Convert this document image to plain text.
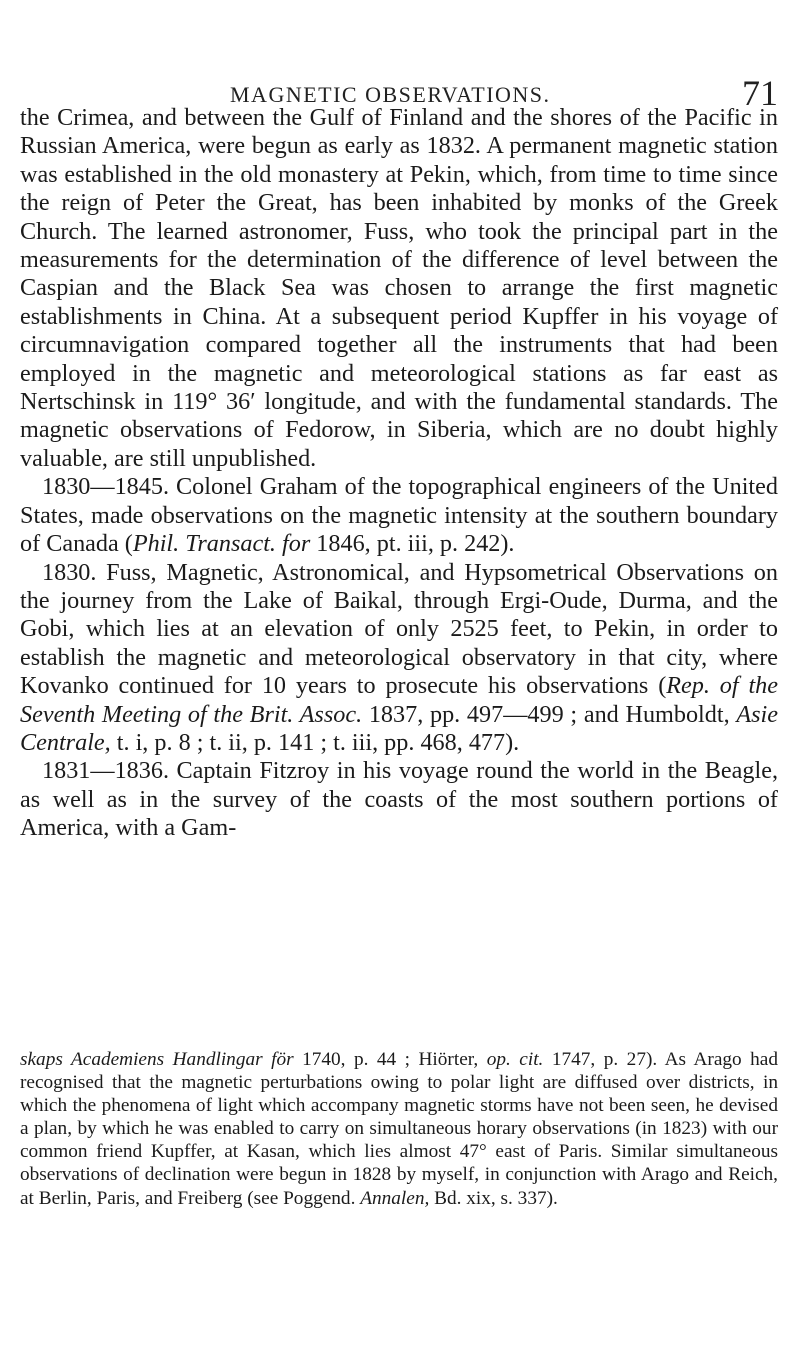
MAGNETIC OBSERVATIONS.	71

the Crimea, and between the Gulf of Finland and the shores of the Pacific in Russian America, were begun as early as 1832. A permanent magnetic station was established in the old monastery at Pekin, which, from time to time since the reign of Peter the Great, has been inhabited by monks of the Greek Church. The learned astronomer, Fuss, who took the principal part in the measurements for the determination of the difference of level between the Caspian and the Black Sea was chosen to arrange the first magnetic establishments in China. At a subsequent period Kupffer in his voyage of circumnavigation compared together all the instruments that had been employed in the magnetic and meteorological stations as far east as Nertschinsk in 119° 36′ longitude, and with the fundamental standards. The magnetic observations of Fedorow, in Siberia, which are no doubt highly valuable, are still unpublished.

1830—1845. Colonel Graham of the topographical engineers of the United States, made observations on the magnetic intensity at the southern boundary of Canada (Phil. Transact. for 1846, pt. iii, p. 242).

1830. Fuss, Magnetic, Astronomical, and Hypsometrical Observations on the journey from the Lake of Baikal, through Ergi-Oude, Durma, and the Gobi, which lies at an elevation of only 2525 feet, to Pekin, in order to establish the magnetic and meteorological observatory in that city, where Kovanko continued for 10 years to prosecute his observations (Rep. of the Seventh Meeting of the Brit. Assoc. 1837, pp. 497—499 ; and Humboldt, Asie Centrale, t. i, p. 8 ; t. ii, p. 141 ; t. iii, pp. 468, 477).

1831—1836. Captain Fitzroy in his voyage round the world in the Beagle, as well as in the survey of the coasts of the most southern portions of America, with a Gam-

skaps Academiens Handlingar för 1740, p. 44 ; Hiörter, op. cit. 1747, p. 27). As Arago had recognised that the magnetic perturbations owing to polar light are diffused over districts, in which the phenomena of light which accompany magnetic storms have not been seen, he devised a plan, by which he was enabled to carry on simultaneous horary observations (in 1823) with our common friend Kupffer, at Kasan, which lies almost 47° east of Paris. Similar simultaneous observations of declination were begun in 1828 by myself, in conjunction with Arago and Reich, at Berlin, Paris, and Freiberg (see Poggend. Annalen, Bd. xix, s. 337).
